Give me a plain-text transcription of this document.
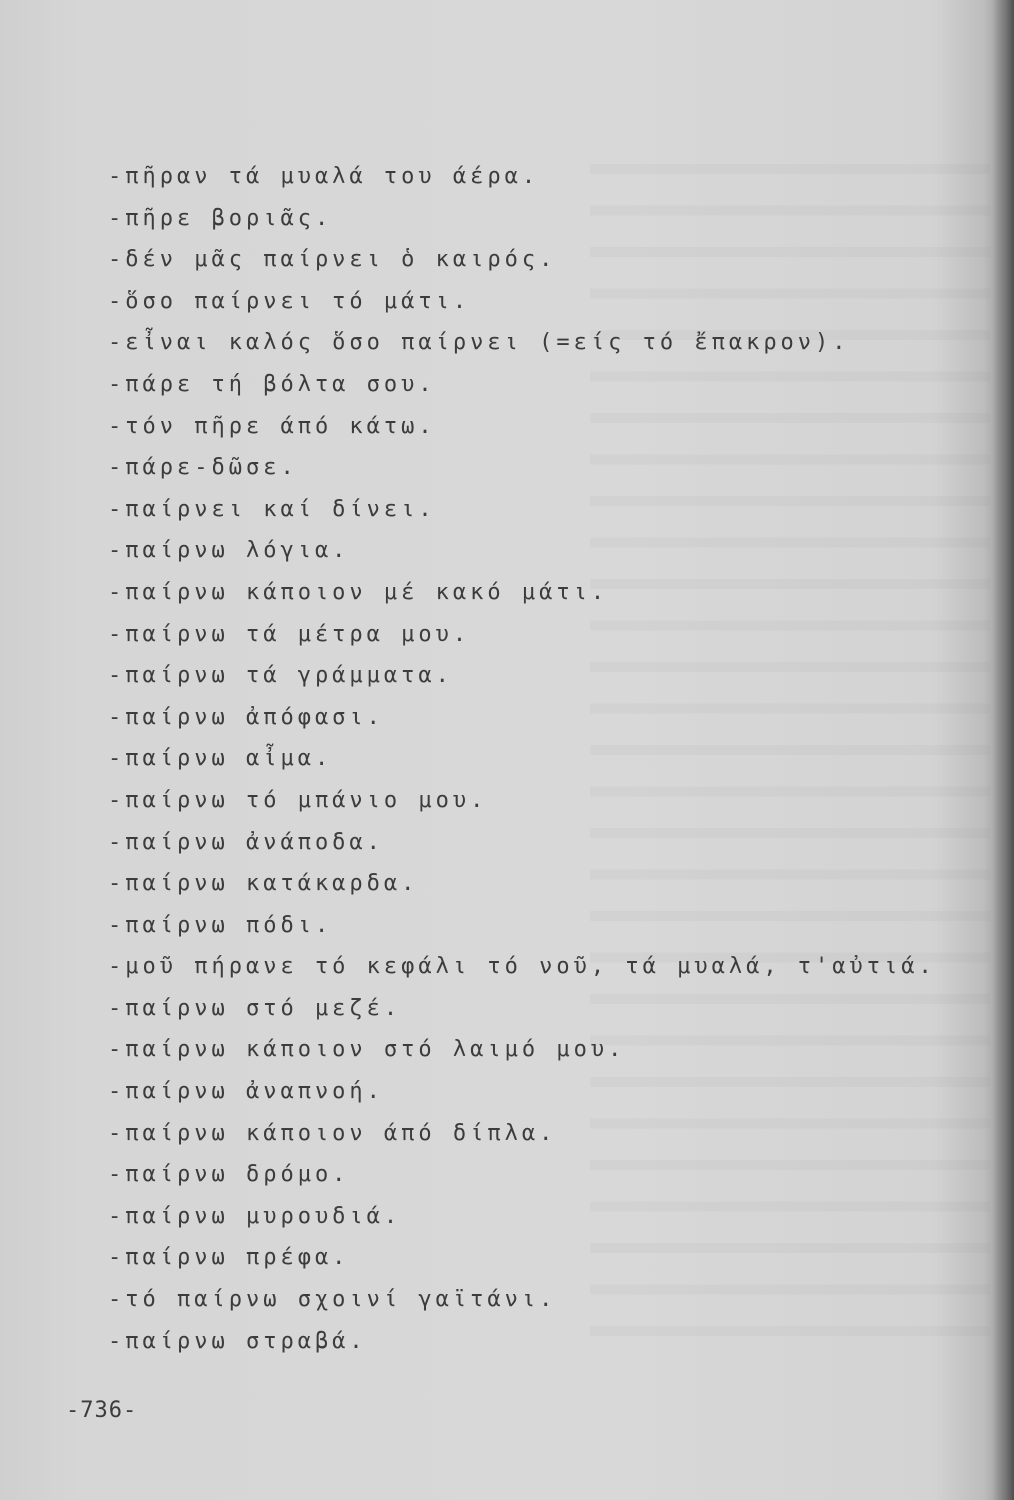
-πῆραν τά μυαλά του άέρα.
-πῆρε βοριᾶς.
-δέν μᾶς παίρνει ὁ καιρός.
-ὅσο παίρνει τό μάτι.
-εἶναι καλός ὅσο παίρνει (=είς τό ἔπακρον).
-πάρε τή βόλτα σου.
-τόν πῆρε άπό κάτω.
-πάρε-δῶσε.
-παίρνει καί δίνει.
-παίρνω λόγια.
-παίρνω κάποιον μέ κακό μάτι.
-παίρνω τά μέτρα μου.
-παίρνω τά γράμματα.
-παίρνω ἀπόφασι.
-παίρνω αἶμα.
-παίρνω τό μπάνιο μου.
-παίρνω ἀνάποδα.
-παίρνω κατάκαρδα.
-παίρνω πόδι.
-μοῦ πήρανε τό κεφάλι τό νοῦ, τά μυαλά, τ'αὐτιά.
-παίρνω στό μεζέ.
-παίρνω κάποιον στό λαιμό μου.
-παίρνω ἀναπνοή.
-παίρνω κάποιον άπό δίπλα.
-παίρνω δρόμο.
-παίρνω μυρουδιά.
-παίρνω πρέφα.
-τό παίρνω σχοινί γαϊτάνι.
-παίρνω στραβά.
-736-
